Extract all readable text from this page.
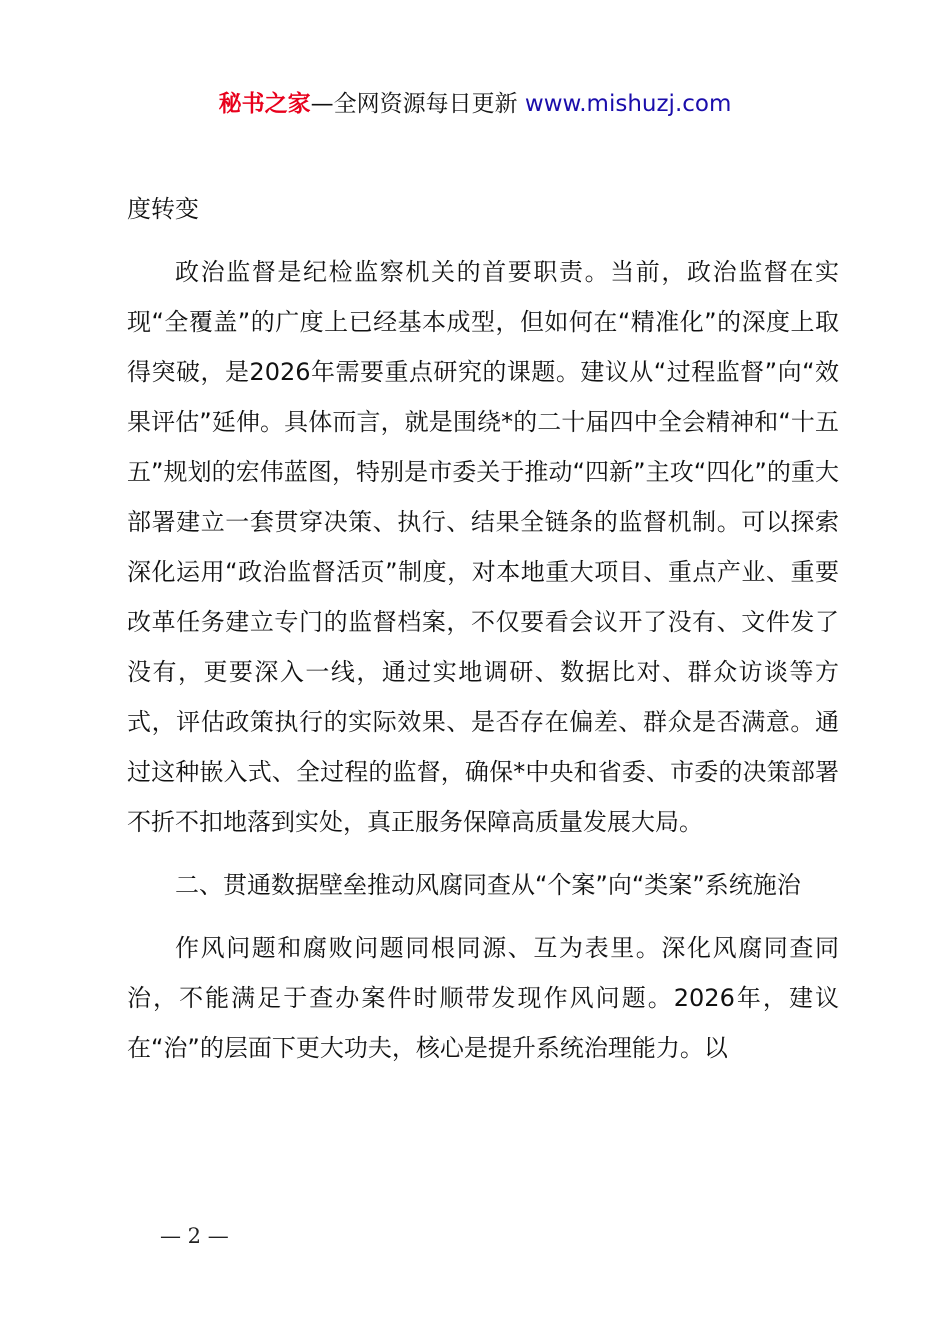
秘书之家—全网资源每日更新 www.mishuzj.com

度转变

政治监督是纪检监察机关的首要职责。当前，政治监督在实现“全覆盖”的广度上已经基本成型，但如何在“精准化”的深度上取得突破，是2026年需要重点研究的课题。建议从“过程监督”向“效果评估”延伸。具体而言，就是围绕*的二十届四中全会精神和“十五五”规划的宏伟蓝图，特别是市委关于推动“四新”主攻“四化”的重大部署建立一套贯穿决策、执行、结果全链条的监督机制。可以探索深化运用“政治监督活页”制度，对本地重大项目、重点产业、重要改革任务建立专门的监督档案，不仅要看会议开了没有、文件发了没有，更要深入一线，通过实地调研、数据比对、群众访谈等方式，评估政策执行的实际效果、是否存在偏差、群众是否满意。通过这种嵌入式、全过程的监督，确保*中央和省委、市委的决策部署不折不扣地落到实处，真正服务保障高质量发展大局。

二、贯通数据壁垒推动风腐同查从“个案”向“类案”系统施治

作风问题和腐败问题同根同源、互为表里。深化风腐同查同治，不能满足于查办案件时顺带发现作风问题。2026年，建议在“治”的层面下更大功夫，核心是提升系统治理能力。以

— 2 —
